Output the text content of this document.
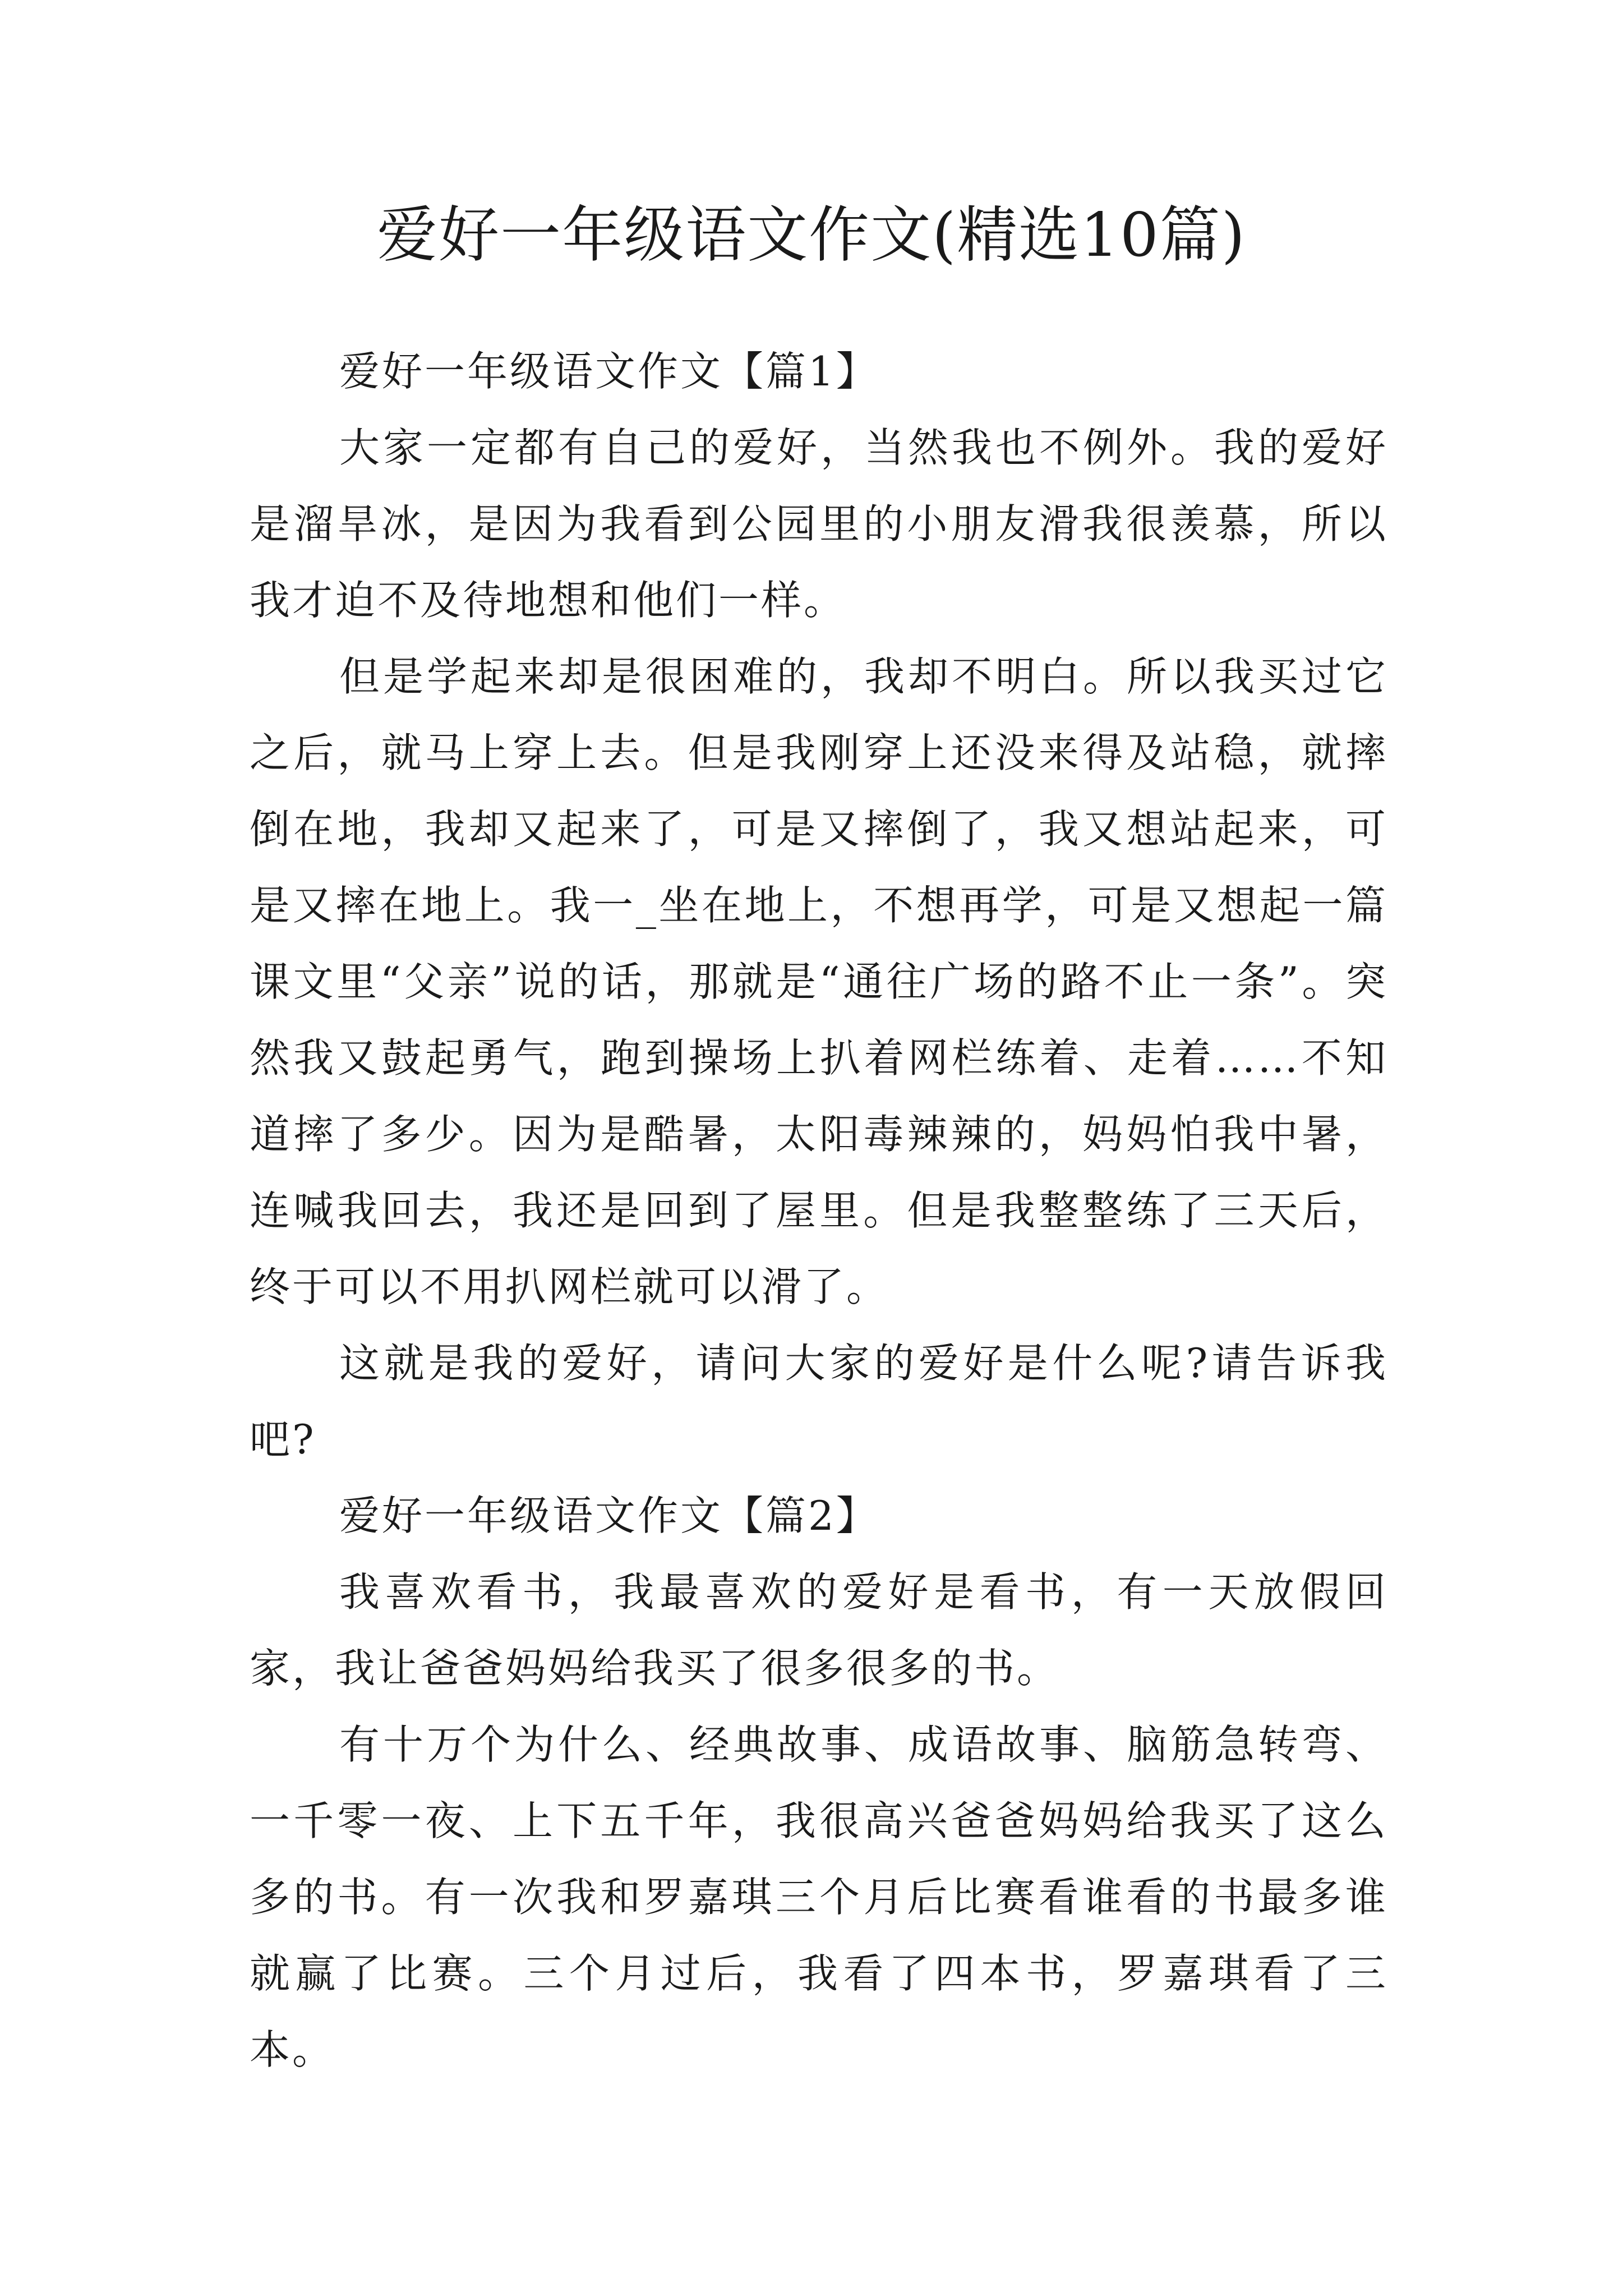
爱好一年级语文作文(精选10篇)

爱好一年级语文作文【篇1】

大家一定都有自己的爱好，当然我也不例外。我的爱好是溜旱冰，是因为我看到公园里的小朋友滑我很羡慕，所以我才迫不及待地想和他们一样。

但是学起来却是很困难的，我却不明白。所以我买过它之后，就马上穿上去。但是我刚穿上还没来得及站稳，就摔倒在地，我却又起来了，可是又摔倒了，我又想站起来，可是又摔在地上。我一_坐在地上，不想再学，可是又想起一篇课文里“父亲”说的话，那就是“通往广场的路不止一条”。突然我又鼓起勇气，跑到操场上扒着网栏练着、走着……不知道摔了多少。因为是酷暑，太阳毒辣辣的，妈妈怕我中暑，连喊我回去，我还是回到了屋里。但是我整整练了三天后，终于可以不用扒网栏就可以滑了。

这就是我的爱好，请问大家的爱好是什么呢?请告诉我吧?

爱好一年级语文作文【篇2】

我喜欢看书，我最喜欢的爱好是看书，有一天放假回家，我让爸爸妈妈给我买了很多很多的书。

有十万个为什么、经典故事、成语故事、脑筋急转弯、一千零一夜、上下五千年，我很高兴爸爸妈妈给我买了这么多的书。有一次我和罗嘉琪三个月后比赛看谁看的书最多谁就赢了比赛。三个月过后，我看了四本书，罗嘉琪看了三本。
